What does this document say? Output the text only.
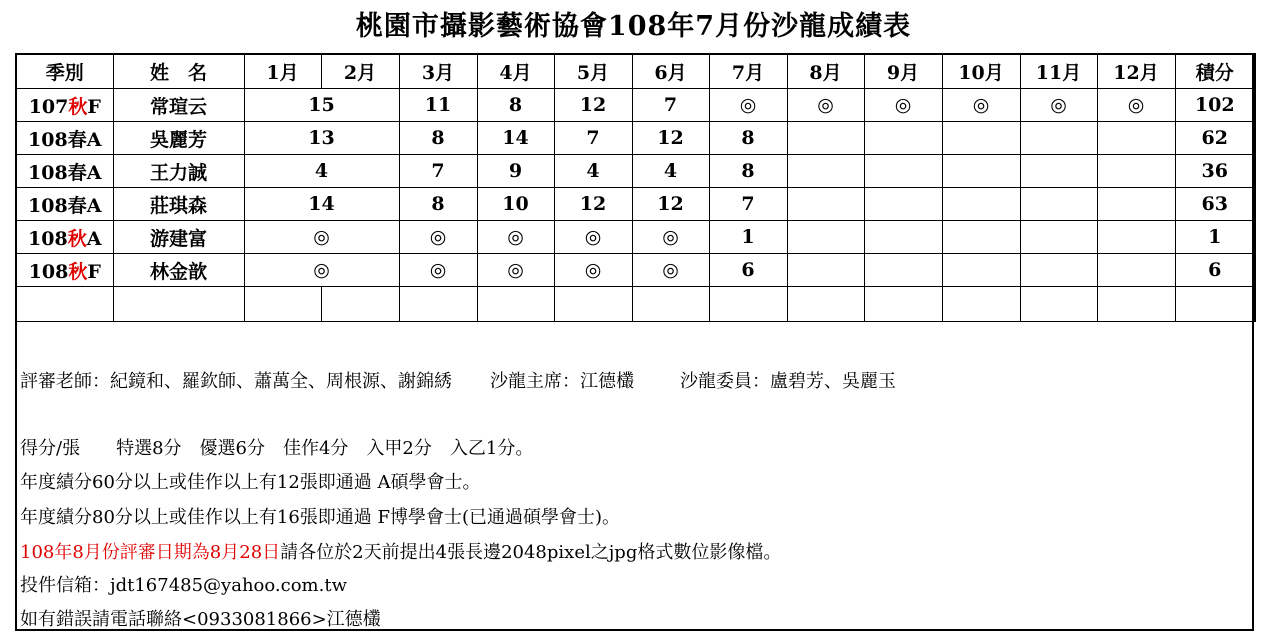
桃園市攝影藝術協會108年7月份沙龍成績表
季別	姓　名	1月	2月	3月	4月	5月	6月	7月	8月	9月	10月	11月	12月	積分
107秋F	常瑄云	15		11	8	12	7	◎	◎	◎	◎	◎	◎	102
108春A	吳麗芳	13		8	14	7	12	8						62
108春A	王力誠	4		7	9	4	4	8						36
108春A	莊琪森	14		8	10	12	12	7						63
108秋A	游建富	◎		◎	◎	◎	◎	1						1
108秋F	林金歆	◎		◎	◎	◎	◎	6						6

評審老師：紀鏡和、羅欽師、蕭萬全、周根源、謝錦綉 沙龍主席：江德欉	沙龍委員：盧碧芳、吳麗玉
得分/張　　特選8分　優選6分　佳作4分　入甲2分　入乙1分。
年度績分60分以上或佳作以上有12張即通過 A碩學會士。
年度績分80分以上或佳作以上有16張即通過 F博學會士(已通過碩學會士)。
108年8月份評審日期為8月28日請各位於2天前提出4張長邊2048pixel之jpg格式數位影像檔。
投件信箱：jdt167485@yahoo.com.tw
如有錯誤請電話聯絡<0933081866>江德欉
